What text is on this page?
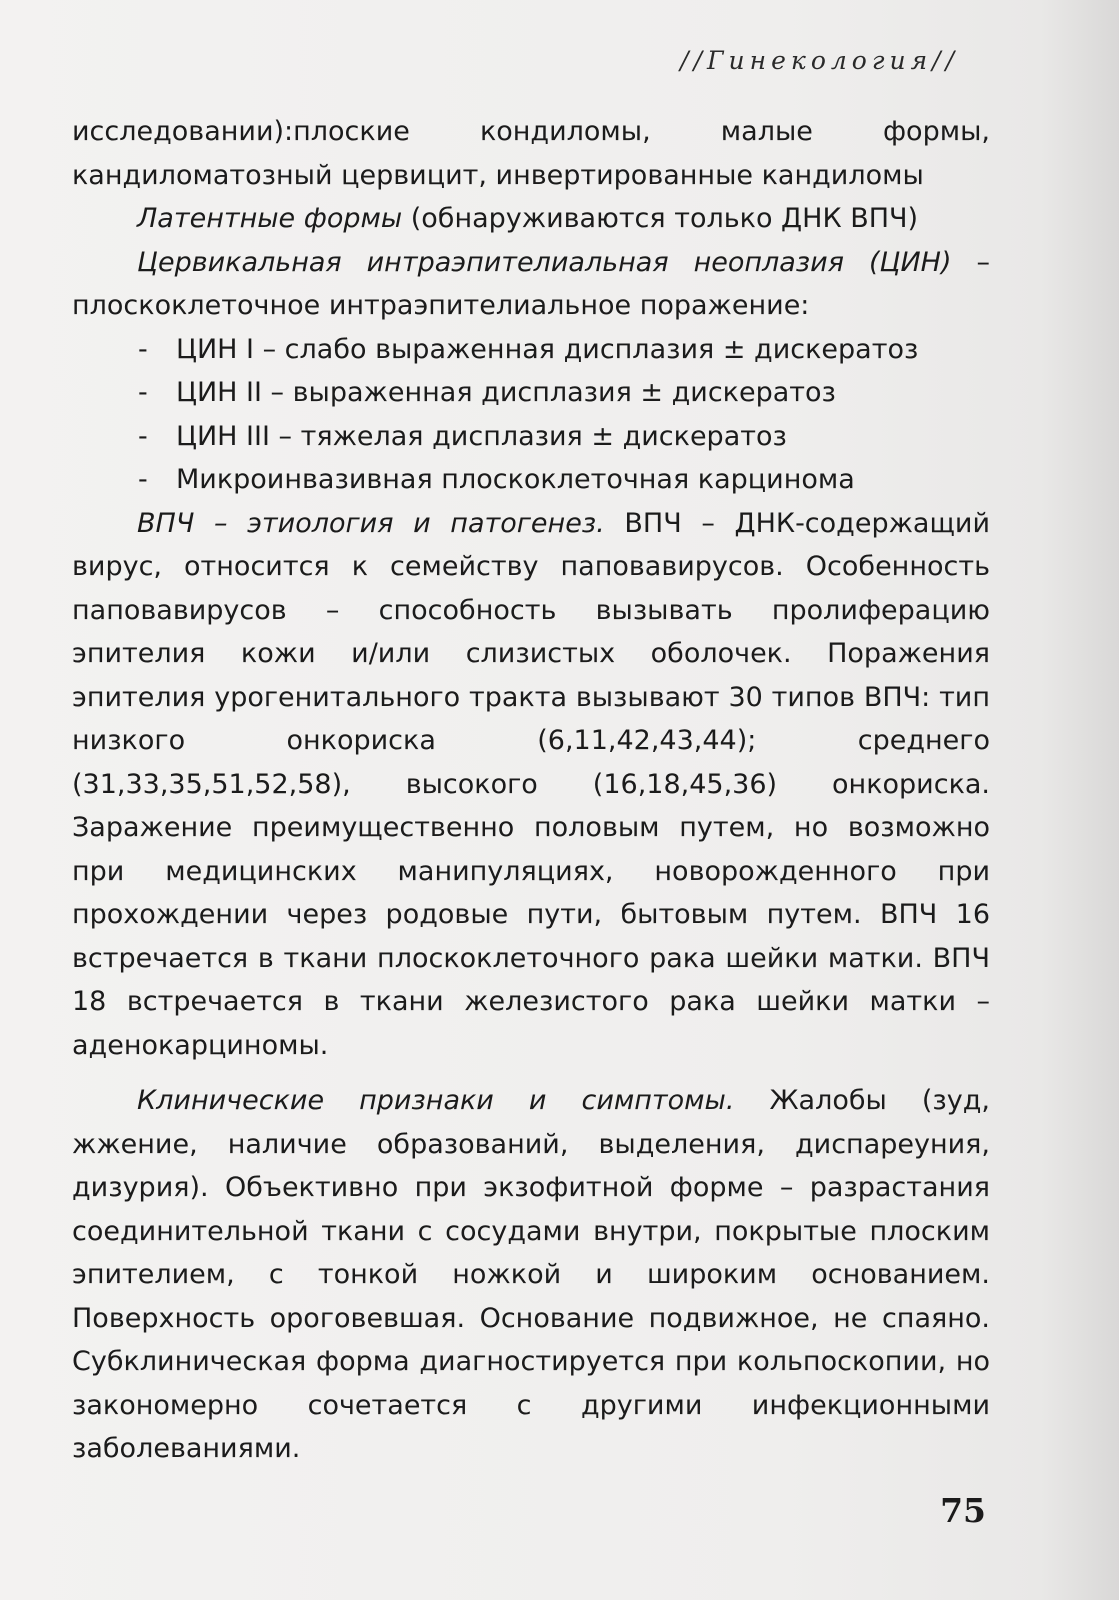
//Гинекология//

исследовании):плоские кондиломы, малые формы, кандиломатозный цервицит, инвертированные кандиломы

Латентные формы (обнаруживаются только ДНК ВПЧ)

Цервикальная интраэпителиальная неоплазия (ЦИН) – плоскоклеточное интраэпителиальное поражение:

- ЦИН I – слабо выраженная дисплазия ± дискератоз
- ЦИН II – выраженная дисплазия ± дискератоз
- ЦИН III – тяжелая дисплазия ± дискератоз
- Микроинвазивная плоскоклеточная карцинома

ВПЧ – этиология и патогенез. ВПЧ – ДНК-содержащий вирус, относится к семейству паповавирусов. Особенность паповавирусов – способность вызывать пролиферацию эпителия кожи и/или слизистых оболочек. Поражения эпителия урогенитального тракта вызывают 30 типов ВПЧ: тип низкого онкориска (6,11,42,43,44); среднего (31,33,35,51,52,58), высокого (16,18,45,36) онкориска. Заражение преимущественно половым путем, но возможно при медицинских манипуляциях, новорожденного при прохождении через родовые пути, бытовым путем. ВПЧ 16 встречается в ткани плоскоклеточного рака шейки матки. ВПЧ 18 встречается в ткани железистого рака шейки матки – аденокарциномы.

Клинические признаки и симптомы. Жалобы (зуд, жжение, наличие образований, выделения, диспареуния, дизурия). Объективно при экзофитной форме – разрастания соединительной ткани с сосудами внутри, покрытые плоским эпителием, с тонкой ножкой и широким основанием. Поверхность ороговевшая. Основание подвижное, не спаяно. Субклиническая форма диагностируется при кольпоскопии, но закономерно сочетается с другими инфекционными заболеваниями.

75
